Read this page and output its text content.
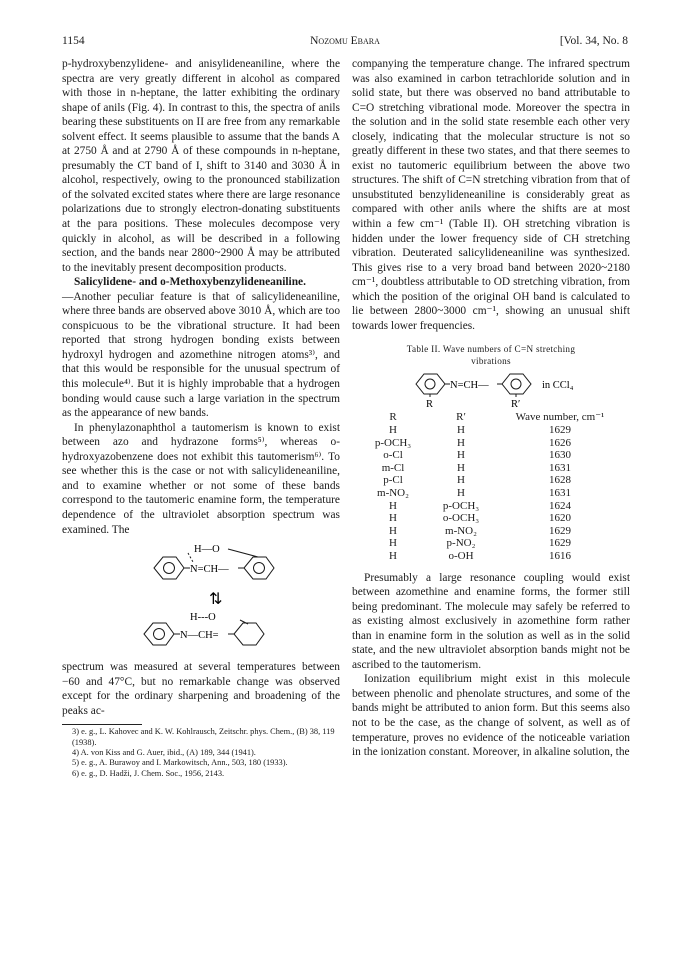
1154	Nozomu Ebara	[Vol. 34, No. 8

p-hydroxybenzylidene- and anisylideneaniline, where the spectra are very greatly different in alcohol as compared with those in n-heptane, the latter exhibiting the ordinary shape of anils (Fig. 4). In contrast to this, the spectra of anils bearing these substituents on II are free from any remarkable solvent effect. It seems plausible to assume that the bands A at 2750 Å and at 2790 Å of these compounds in n-heptane, presumably the CT band of I, shift to 3140 and 3030 Å in alcohol, respectively, owing to the pronounced stabilization of the solvated excited states where there are large resonance polarizations due to strongly electron-donating substituents at the para positions. These molecules decompose very quickly in alcohol, as will be described in a following section, and the bands near 2800~2900 Å may be attributed to the inevitably present decomposition products.

Salicylidene- and o-Methoxybenzylideneaniline.

—Another peculiar feature is that of salicylideneaniline, where three bands are observed above 3010 Å, which are too conspicuous to be the vibrational structure. It had been reported that strong hydrogen bonding exists between hydroxyl hydrogen and azomethine nitrogen atoms³⁾, and that this would be responsible for the unusual spectrum of this molecule⁴⁾. But it is highly improbable that a hydrogen bonding would cause such a large variation in the spectrum as the appearance of new bands.

In phenylazonaphthol a tautomerism is known to exist between azo and hydrazone forms⁵⁾, whereas o-hydroxyazobenzene does not exhibit this tautomerism⁶⁾. To see whether this is the case or not with salicylideneaniline, and to examine whether or not some of these bands correspond to the tautomeric enamine form, the temperature dependence of the ultraviolet absorption spectrum was examined. The

H—O
N=CH—
⇅
H---O
N—CH=

spectrum was measured at several temperatures between −60 and 47°C, but no remarkable change was observed except for the ordinary sharpening and broadening of the peaks ac-

3) e. g., L. Kahovec and K. W. Kohlrausch, Zeitschr. phys. Chem., (B) 38, 119 (1938).

4) A. von Kiss and G. Auer, ibid., (A) 189, 344 (1941).

5) e. g., A. Burawoy and I. Markowitsch, Ann., 503, 180 (1933).

6) e. g., D. Hadži, J. Chem. Soc., 1956, 2143.

companying the temperature change. The infrared spectrum was also examined in carbon tetrachloride solution and in solid state, but there was observed no band attributable to C=O stretching vibrational mode. Moreover the spectra in the solution and in the solid state resemble each other very closely, indicating that the molecular structure is not so greatly different in these two states, and that there seemes to exist no tautomeric equilibrium between the above two structures. The shift of C=N stretching vibration from that of unsubstituted benzylideneaniline is considerably great as compared with other anils where the shifts are at most within a few cm⁻¹ (Table II). OH stretching vibration is hidden under the lower frequency side of CH stretching vibration. Deuterated salicylideneaniline was synthesized. This gives rise to a very broad band between 2020~2180 cm⁻¹, doubtless attributable to OD stretching vibration, from which the position of the original OH band is calculated to lie between 2800~3000 cm⁻¹, showing an unusual shift towards lower frequencies.

Table II. Wave numbers of C=N stretching
vibrations
N=CH—	in CCl₄
R	R′
R	R′	Wave number, cm⁻¹
H	H	1629
p-OCH₃	H	1626
o-Cl	H	1630
m-Cl	H	1631
p-Cl	H	1628
m-NO₂	H	1631
H	p-OCH₃	1624
H	o-OCH₃	1620
H	m-NO₂	1629
H	p-NO₂	1629
H	o-OH	1616

Presumably a large resonance coupling would exist between azomethine and enamine forms, the former still being predominant. The molecule may safely be referred to as existing almost exclusively in azomethine form rather than in enamine form in the solution as well as in the solid state, and the new ultraviolet absorption bands might not be ascribed to the tautomerism.

Ionization equilibrium might exist in this molecule between phenolic and phenolate structures, and some of the bands might be attributed to anion form. But this seems also not to be the case, as the change of solvent, as well as of temperature, proves no evidence of the noticeable variation in the ionization constant. Moreover, in alkaline solution, the
